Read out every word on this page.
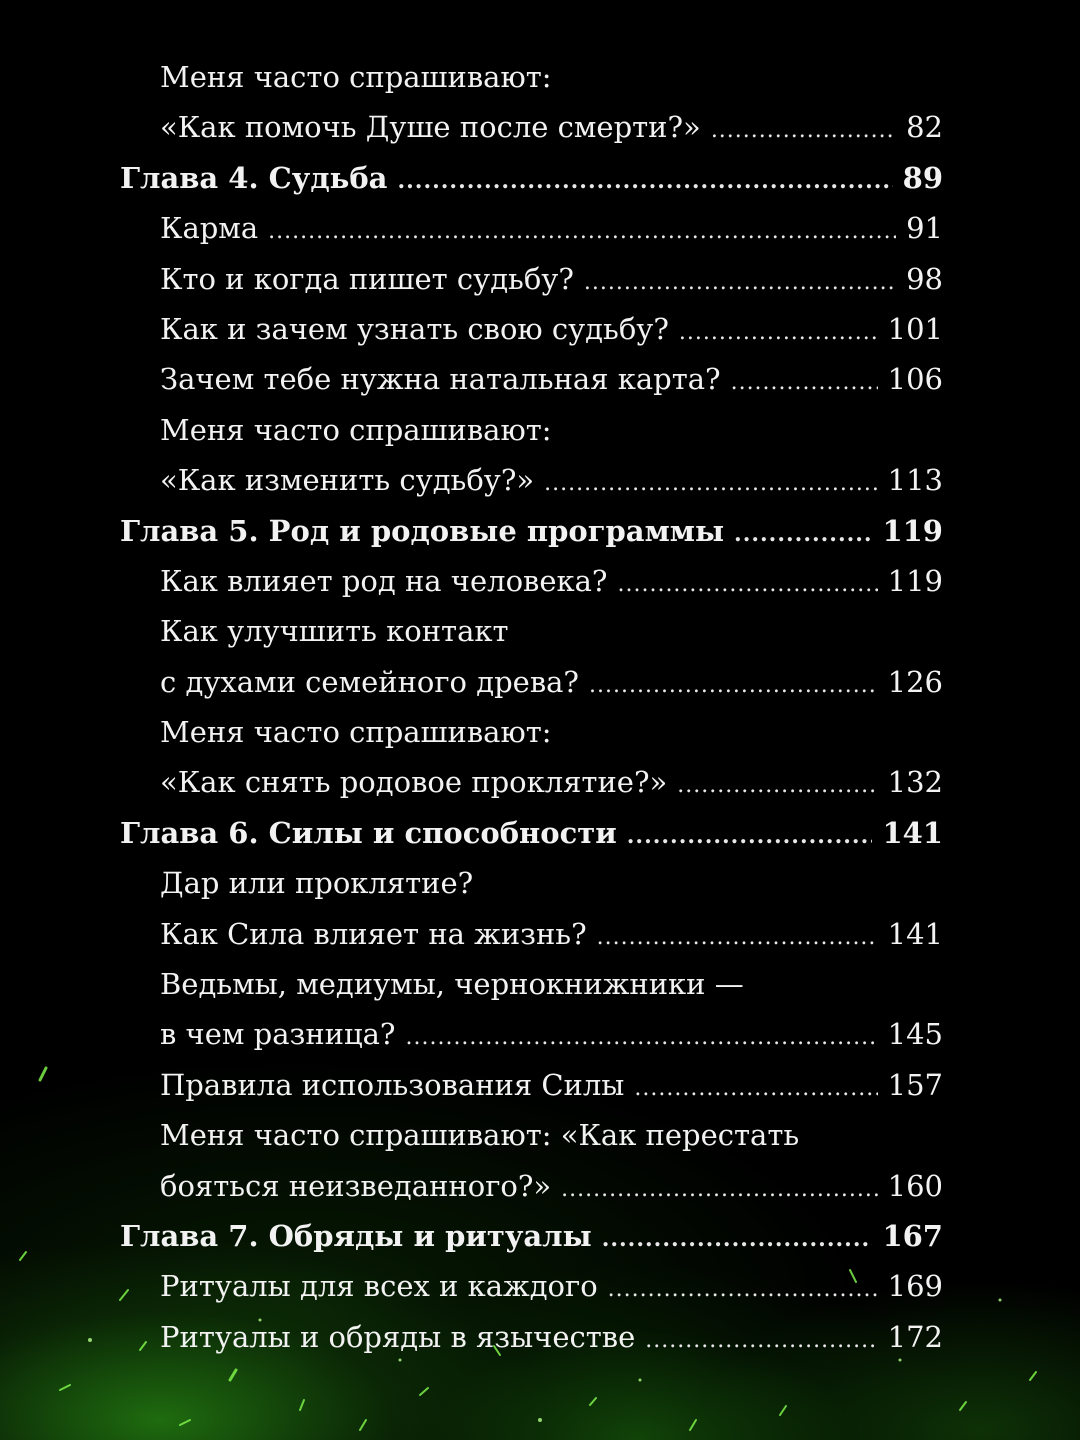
Меня часто спрашивают:
«Как помочь Душе после смерти?» .....	82
Глава 4. Судьба .....	89
Карма .....	91
Кто и когда пишет судьбу? .....	98
Как и зачем узнать свою судьбу? .....	101
Зачем тебе нужна натальная карта? .....	106
Меня часто спрашивают:
«Как изменить судьбу?» .....	113
Глава 5. Род и родовые программы .....	119
Как влияет род на человека? .....	119
Как улучшить контакт
с духами семейного древа? .....	126
Меня часто спрашивают:
«Как снять родовое проклятие?» .....	132
Глава 6. Силы и способности .....	141
Дар или проклятие?
Как Сила влияет на жизнь? .....	141
Ведьмы, медиумы, чернокнижники —
в чем разница? .....	145
Правила использования Силы .....	157
Меня часто спрашивают: «Как перестать
бояться неизведанного?» .....	160
Глава 7. Обряды и ритуалы .....	167
Ритуалы для всех и каждого .....	169
Ритуалы и обряды в язычестве .....	172
